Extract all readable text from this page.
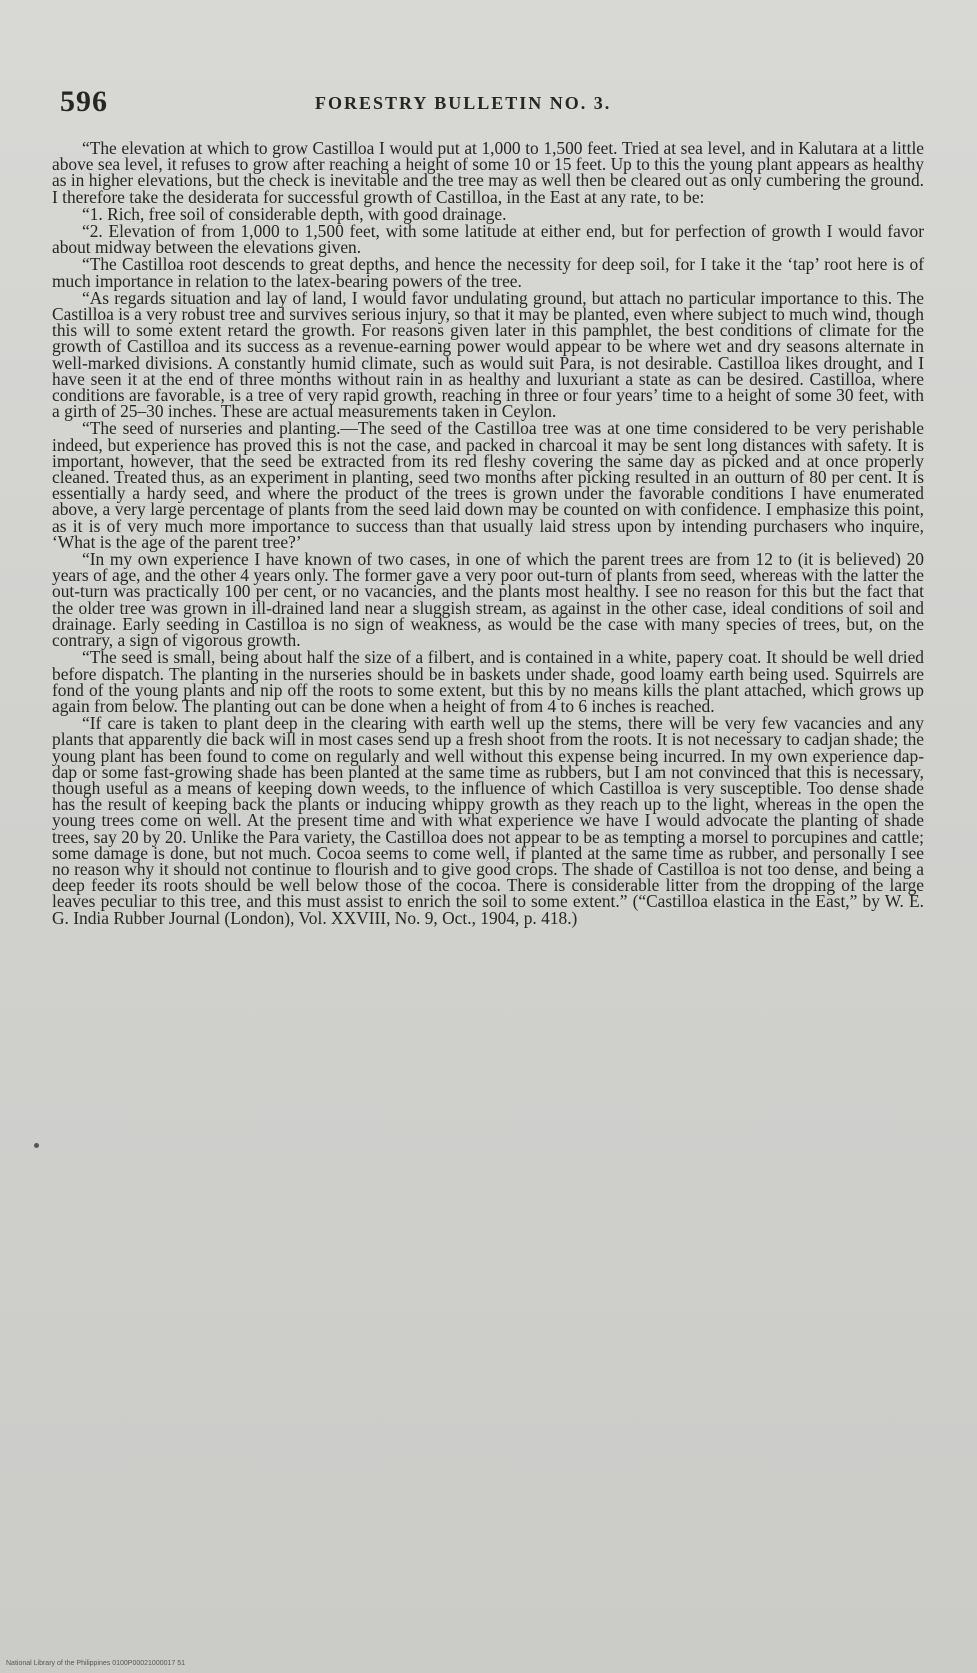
596	FORESTRY BULLETIN NO. 3.

“The elevation at which to grow Castilloa I would put at 1,000 to 1,500 feet. Tried at sea level, and in Kalutara at a little above sea level, it refuses to grow after reaching a height of some 10 or 15 feet. Up to this the young plant appears as healthy as in higher elevations, but the check is inevitable and the tree may as well then be cleared out as only cumbering the ground. I therefore take the desiderata for successful growth of Castilloa, in the East at any rate, to be:

“1. Rich, free soil of considerable depth, with good drainage.

“2. Elevation of from 1,000 to 1,500 feet, with some latitude at either end, but for perfection of growth I would favor about midway between the elevations given.

“The Castilloa root descends to great depths, and hence the necessity for deep soil, for I take it the ‘tap’ root here is of much importance in relation to the latex-bearing powers of the tree.

“As regards situation and lay of land, I would favor undulating ground, but attach no particular importance to this. The Castilloa is a very robust tree and survives serious injury, so that it may be planted, even where subject to much wind, though this will to some extent retard the growth. For reasons given later in this pamphlet, the best conditions of climate for the growth of Castilloa and its success as a revenue-earning power would appear to be where wet and dry seasons alternate in well-marked divisions. A constantly humid climate, such as would suit Para, is not desirable. Castilloa likes drought, and I have seen it at the end of three months without rain in as healthy and luxuriant a state as can be desired. Castilloa, where conditions are favorable, is a tree of very rapid growth, reaching in three or four years’ time to a height of some 30 feet, with a girth of 25–30 inches. These are actual measurements taken in Ceylon.

“The seed of nurseries and planting.—The seed of the Castilloa tree was at one time considered to be very perishable indeed, but experience has proved this is not the case, and packed in charcoal it may be sent long distances with safety. It is important, however, that the seed be extracted from its red fleshy covering the same day as picked and at once properly cleaned. Treated thus, as an experiment in planting, seed two months after picking resulted in an outturn of 80 per cent. It is essentially a hardy seed, and where the product of the trees is grown under the favorable conditions I have enumerated above, a very large percentage of plants from the seed laid down may be counted on with confidence. I emphasize this point, as it is of very much more importance to success than that usually laid stress upon by intending purchasers who inquire, ‘What is the age of the parent tree?’

“In my own experience I have known of two cases, in one of which the parent trees are from 12 to (it is believed) 20 years of age, and the other 4 years only. The former gave a very poor out-turn of plants from seed, whereas with the latter the out-turn was practically 100 per cent, or no vacancies, and the plants most healthy. I see no reason for this but the fact that the older tree was grown in ill-drained land near a sluggish stream, as against in the other case, ideal conditions of soil and drainage. Early seeding in Castilloa is no sign of weakness, as would be the case with many species of trees, but, on the contrary, a sign of vigorous growth.

“The seed is small, being about half the size of a filbert, and is contained in a white, papery coat. It should be well dried before dispatch. The planting in the nurseries should be in baskets under shade, good loamy earth being used. Squirrels are fond of the young plants and nip off the roots to some extent, but this by no means kills the plant attached, which grows up again from below. The planting out can be done when a height of from 4 to 6 inches is reached.

“If care is taken to plant deep in the clearing with earth well up the stems, there will be very few vacancies and any plants that apparently die back will in most cases send up a fresh shoot from the roots. It is not necessary to cadjan shade; the young plant has been found to come on regularly and well without this expense being incurred. In my own experience dap-dap or some fast-growing shade has been planted at the same time as rubbers, but I am not convinced that this is necessary, though useful as a means of keeping down weeds, to the influence of which Castilloa is very susceptible. Too dense shade has the result of keeping back the plants or inducing whippy growth as they reach up to the light, whereas in the open the young trees come on well. At the present time and with what experience we have I would advocate the planting of shade trees, say 20 by 20. Unlike the Para variety, the Castilloa does not appear to be as tempting a morsel to porcupines and cattle; some damage is done, but not much. Cocoa seems to come well, if planted at the same time as rubber, and personally I see no reason why it should not continue to flourish and to give good crops. The shade of Castilloa is not too dense, and being a deep feeder its roots should be well below those of the cocoa. There is considerable litter from the dropping of the large leaves peculiar to this tree, and this must assist to enrich the soil to some extent.” (“Castilloa elastica in the East,” by W. E. G. India Rubber Journal (London), Vol. XXVIII, No. 9, Oct., 1904, p. 418.)

National Library of the Philippines 0100P00021000017 51
